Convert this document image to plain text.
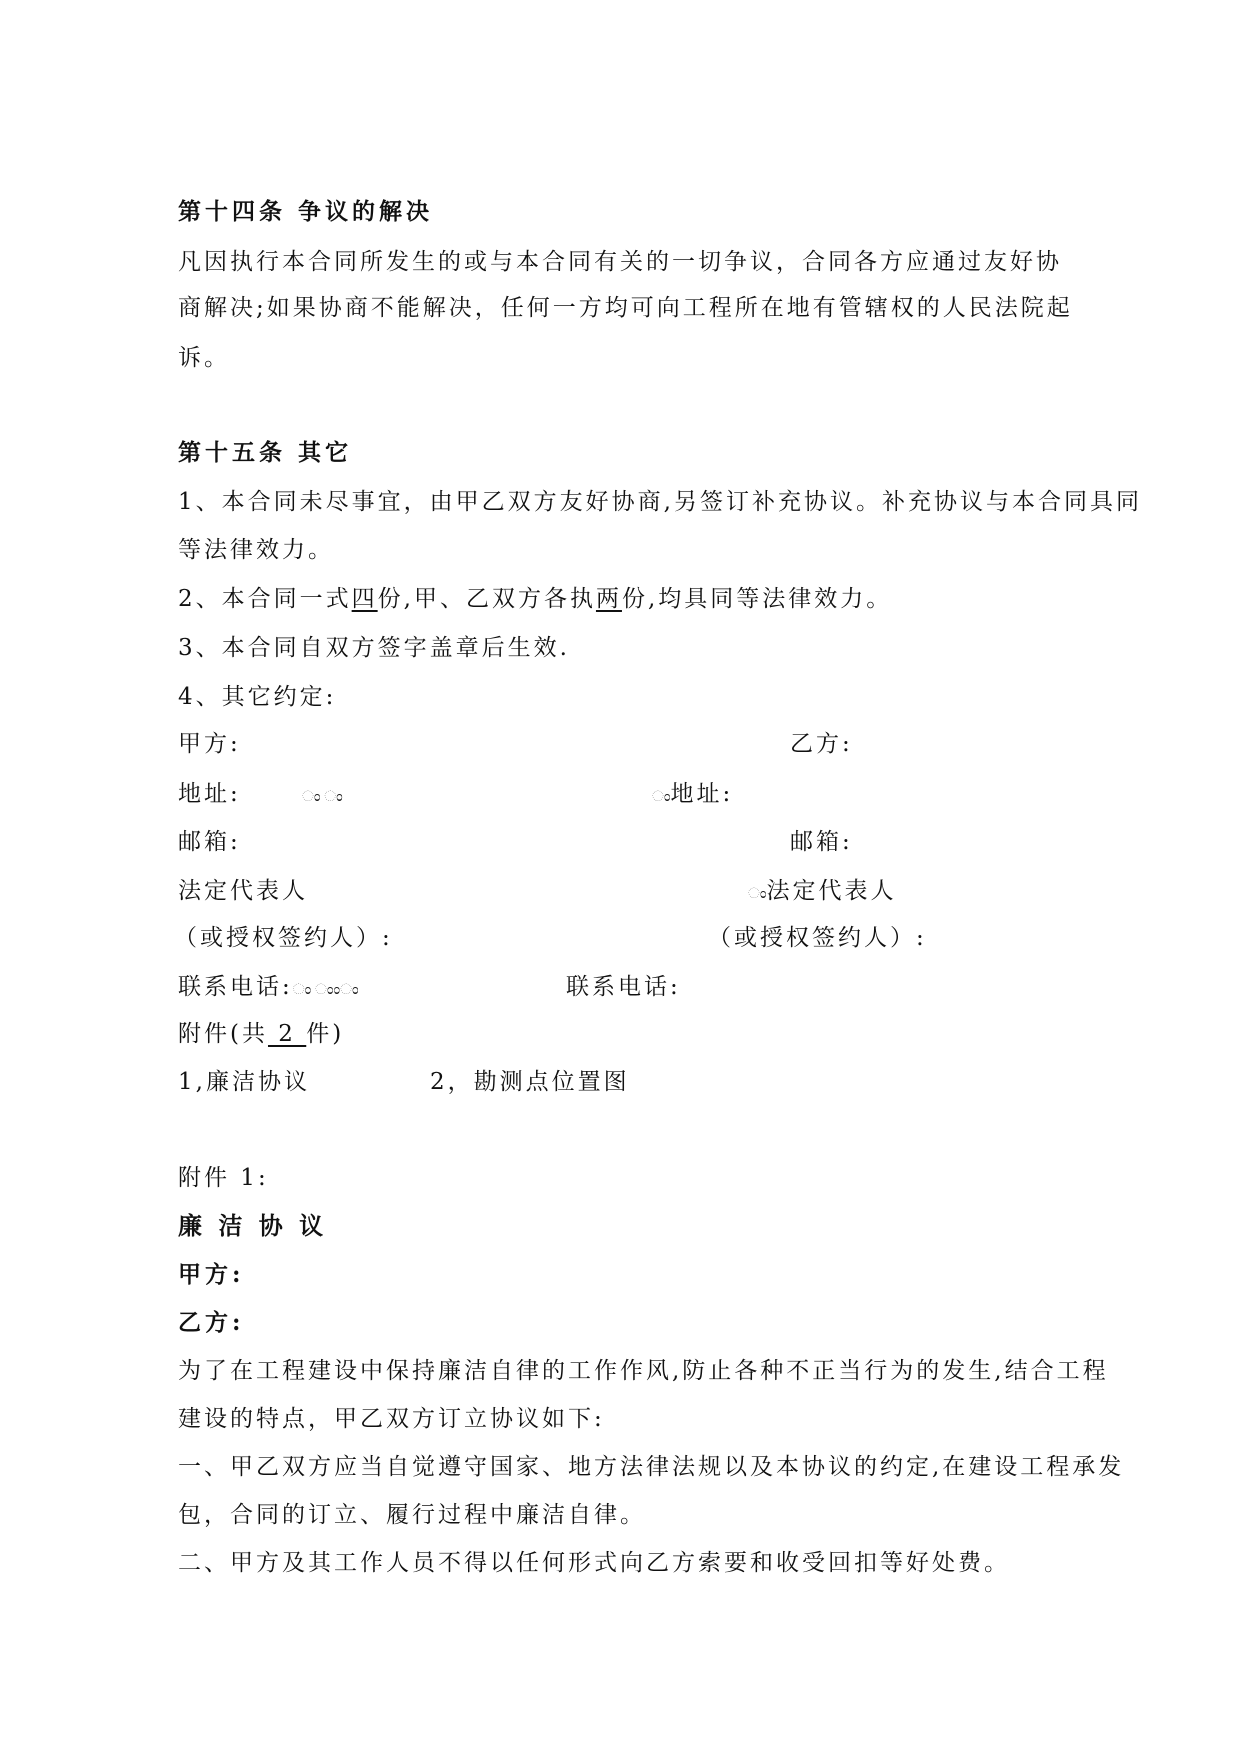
第十四条 争议的解决
凡因执行本合同所发生的或与本合同有关的一切争议，合同各方应通过友好协
商解决;如果协商不能解决，任何一方均可向工程所在地有管辖权的人民法院起
诉。
第十五条 其它
1、本合同未尽事宜，由甲乙双方友好协商,另签订补充协议。补充协议与本合同具同
等法律效力。
2、本合同一式四份,甲、乙双方各执两份,均具同等法律效力。
3、本合同自双方签字盖章后生效.
4、其它约定:
甲方:	乙方:
地址:	ಂ ಂ	ಂ地址:
邮箱:	邮箱:
法定代表人	ಂ法定代表人
（或授权签约人）:	（或授权签约人）:
联系电话:ಂ ಂಂಂ	联系电话:
附件(共 2 件)
1,廉洁协议	2，勘测点位置图
附件 1:
廉 洁 协 议
甲方:
乙方:
为了在工程建设中保持廉洁自律的工作作风,防止各种不正当行为的发生,结合工程
建设的特点，甲乙双方订立协议如下:
一、甲乙双方应当自觉遵守国家、地方法律法规以及本协议的约定,在建设工程承发
包，合同的订立、履行过程中廉洁自律。
二、甲方及其工作人员不得以任何形式向乙方索要和收受回扣等好处费。
